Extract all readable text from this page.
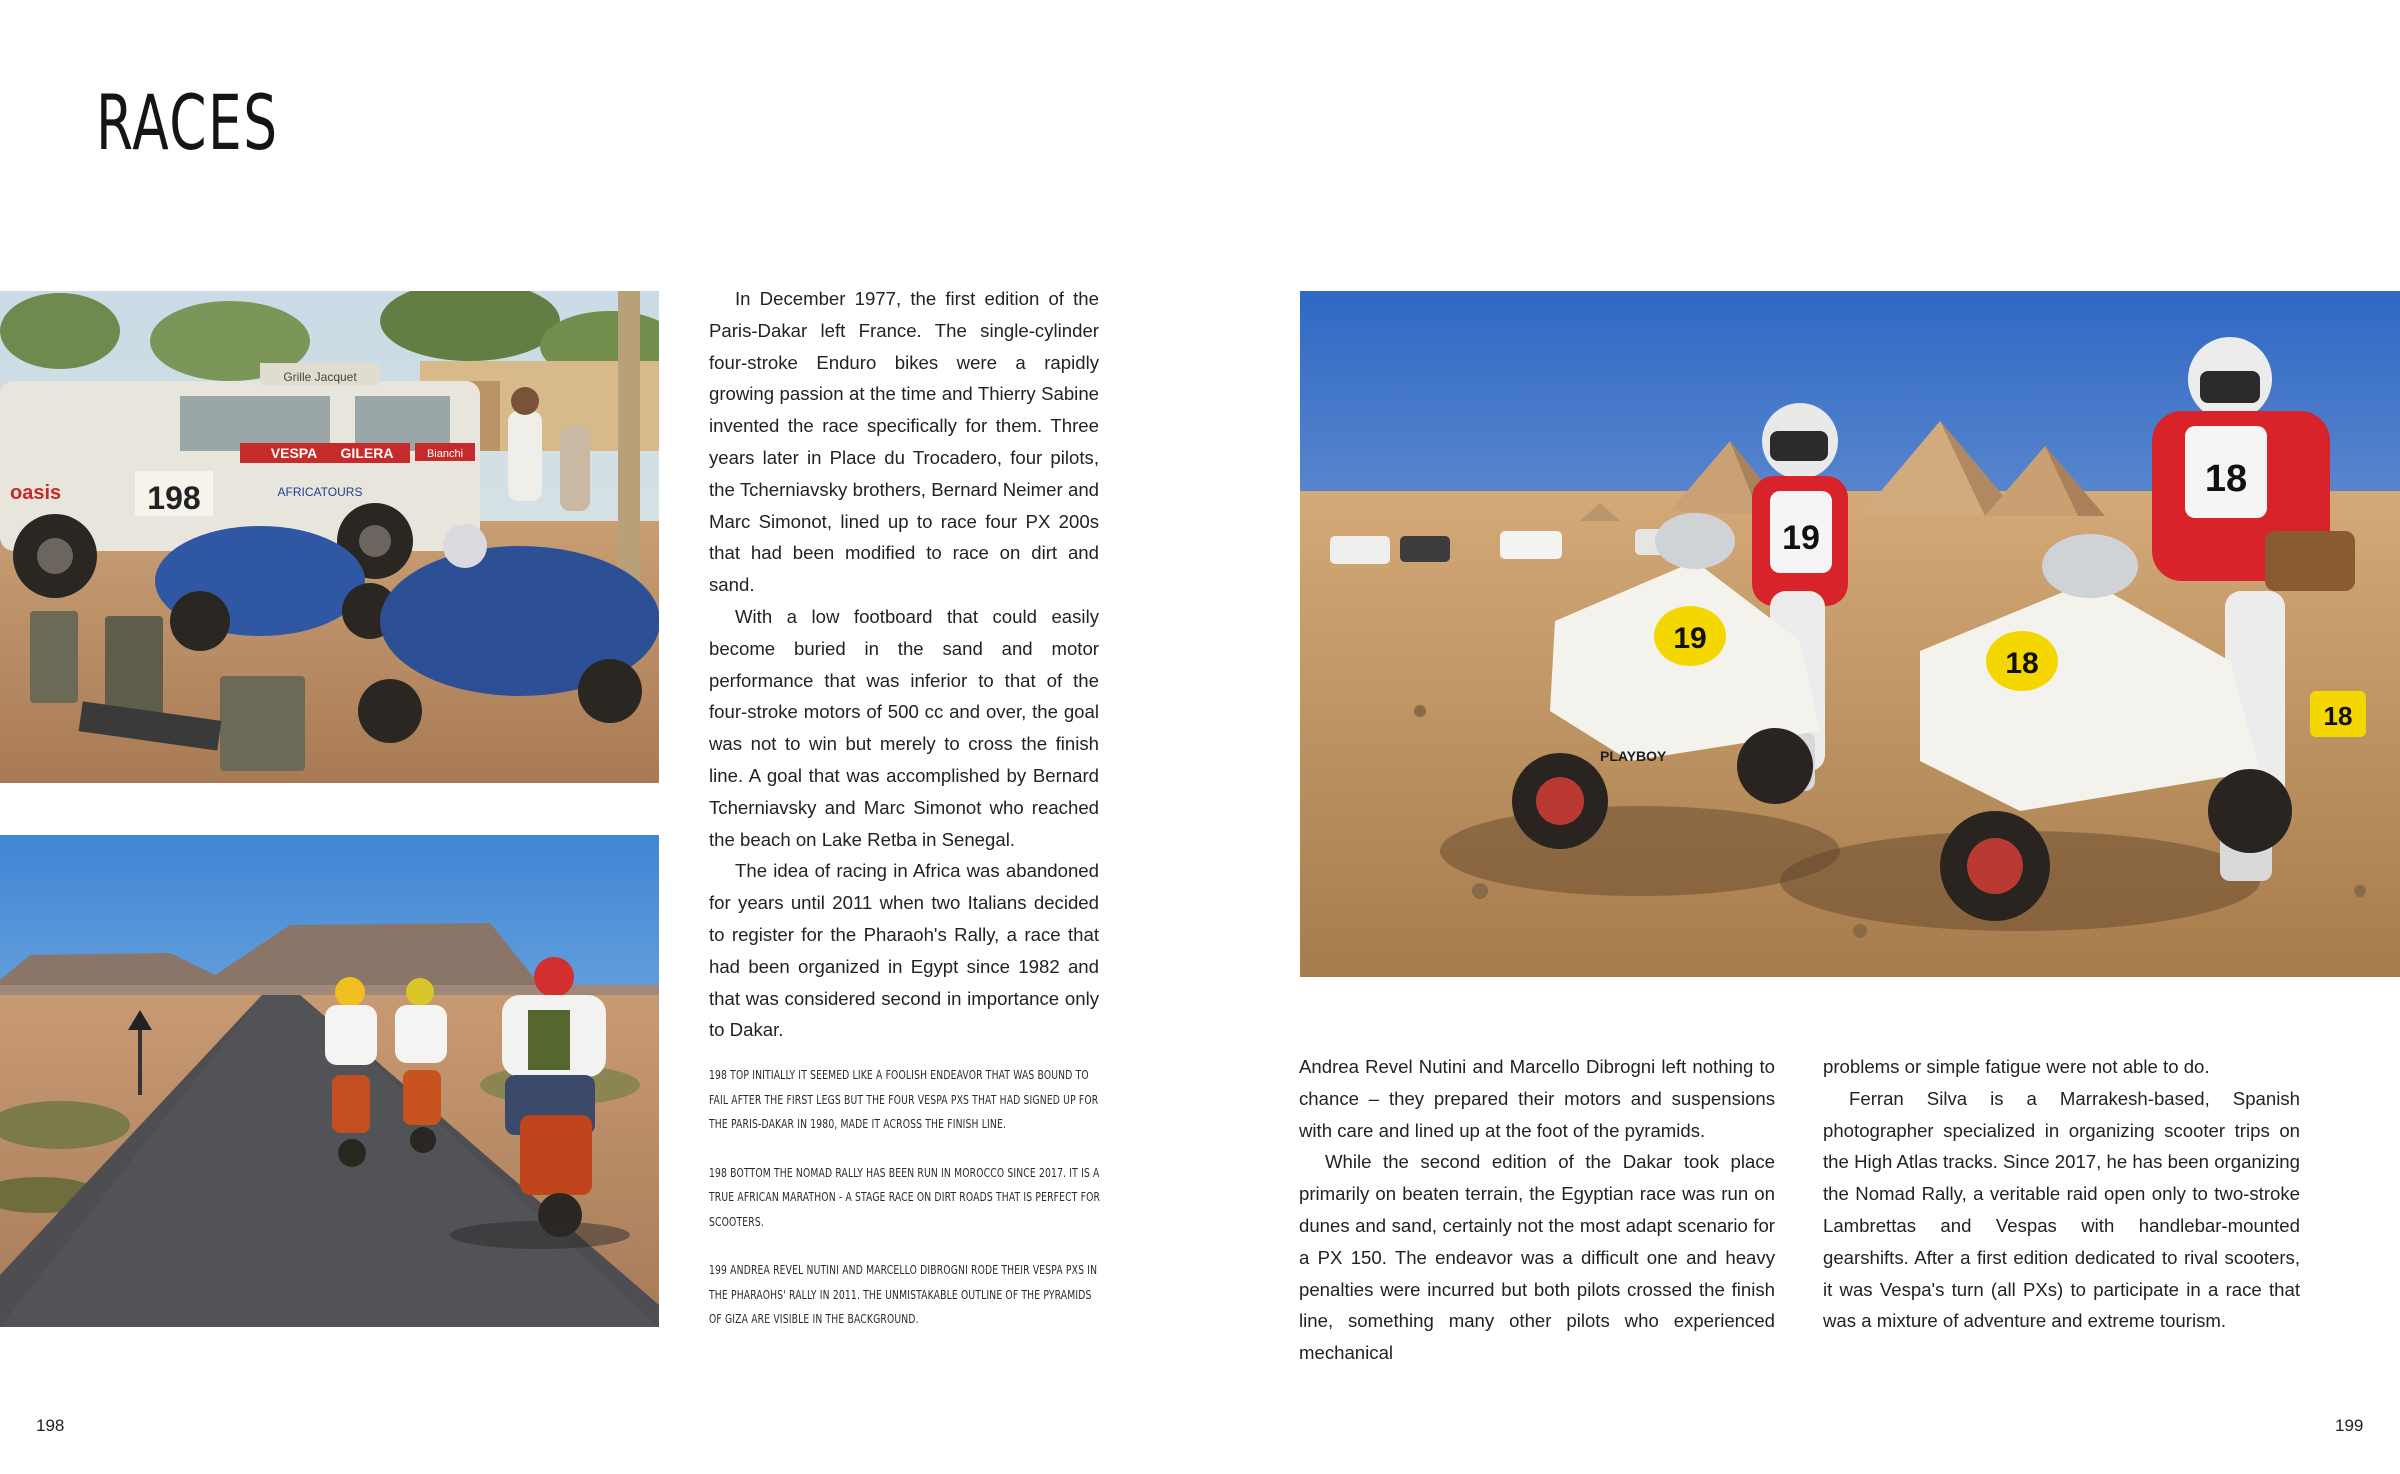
RACES
Grille Jacquet
VESPA GILERA	Bianchi
oasis	198	AFRICATOURS

In December 1977, the first edition of the Paris-Dakar left France. The single-cylinder four-stroke Enduro bikes were a rapidly growing passion at the time and Thierry Sabine invented the race specifically for them. Three years later in Place du Trocadero, four pilots, the Tcherniavsky brothers, Bernard Neimer and Marc Simonot, lined up to race four PX 200s that had been modified to race on dirt and sand.

With a low footboard that could easily become buried in the sand and motor performance that was inferior to that of the four-stroke motors of 500 cc and over, the goal was not to win but merely to cross the finish line. A goal that was accomplished by Bernard Tcherniavsky and Marc Simonot who reached the beach on Lake Retba in Senegal.

The idea of racing in Africa was abandoned for years until 2011 when two Italians decided to register for the Pharaoh's Rally, a race that had been organized in Egypt since 1982 and that was considered second in importance only to Dakar.

198 TOP INITIALLY IT SEEMED LIKE A FOOLISH ENDEAVOR THAT WAS BOUND TO FAIL AFTER THE FIRST LEGS BUT THE FOUR VESPA PXS THAT HAD SIGNED UP FOR THE PARIS-DAKAR IN 1980, MADE IT ACROSS THE FINISH LINE.

198 BOTTOM THE NOMAD RALLY HAS BEEN RUN IN MOROCCO SINCE 2017. IT IS A TRUE AFRICAN MARATHON - A STAGE RACE ON DIRT ROADS THAT IS PERFECT FOR SCOOTERS.

199 ANDREA REVEL NUTINI AND MARCELLO DIBROGNI RODE THEIR VESPA PXS IN THE PHARAOHS' RALLY IN 2011. THE UNMISTAKABLE OUTLINE OF THE PYRAMIDS OF GIZA ARE VISIBLE IN THE BACKGROUND.

19
19
PLAYBOY
18
18
18

Andrea Revel Nutini and Marcello Dibrogni left nothing to chance – they prepared their motors and suspensions with care and lined up at the foot of the pyramids.

While the second edition of the Dakar took place primarily on beaten terrain, the Egyptian race was run on dunes and sand, certainly not the most adapt scenario for a PX 150. The endeavor was a difficult one and heavy penalties were incurred but both pilots crossed the finish line, something many other pilots who experienced mechanical

problems or simple fatigue were not able to do.

Ferran Silva is a Marrakesh-based, Spanish photographer specialized in organizing scooter trips on the High Atlas tracks. Since 2017, he has been organizing the Nomad Rally, a veritable raid open only to two-stroke Lambrettas and Vespas with handlebar-mounted gearshifts. After a first edition dedicated to rival scooters, it was Vespa's turn (all PXs) to participate in a race that was a mixture of adventure and extreme tourism.

198	199
